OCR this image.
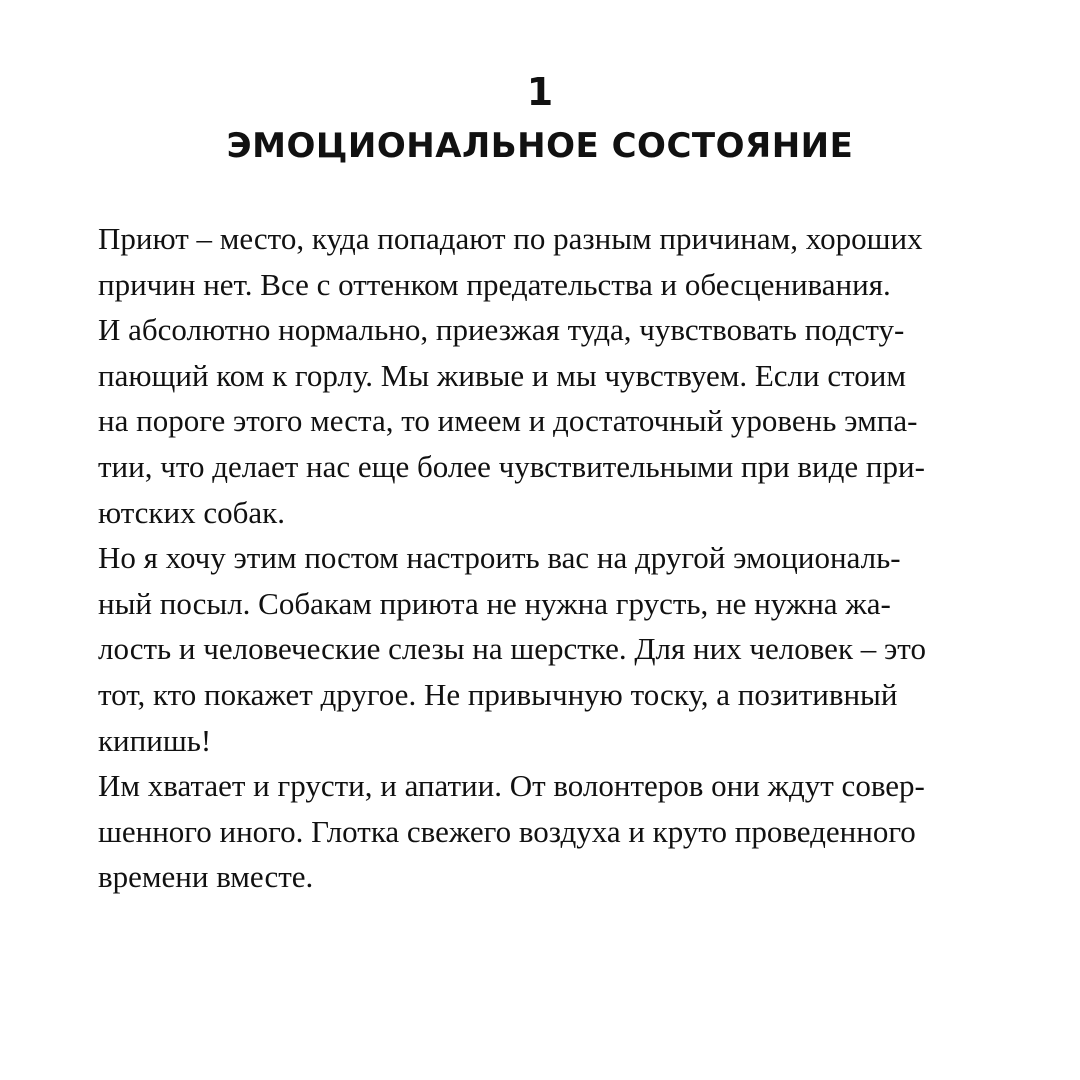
1
ЭМОЦИОНАЛЬНОЕ СОСТОЯНИЕ
Приют – место, куда попадают по разным причинам, хороших
причин нет. Все с оттенком предательства и обесценивания.
И абсолютно нормально, приезжая туда, чувствовать подсту-
пающий ком к горлу. Мы живые и мы чувствуем. Если стоим
на пороге этого места, то имеем и достаточный уровень эмпа-
тии, что делает нас еще более чувствительными при виде при-
ютских собак.
Но я хочу этим постом настроить вас на другой эмоциональ-
ный посыл. Собакам приюта не нужна грусть, не нужна жа-
лость и человеческие слезы на шерстке. Для них человек – это
тот, кто покажет другое. Не привычную тоску, а позитивный
кипишь!
Им хватает и грусти, и апатии. От волонтеров они ждут совер-
шенного иного. Глотка свежего воздуха и круто проведенного
времени вместе.
